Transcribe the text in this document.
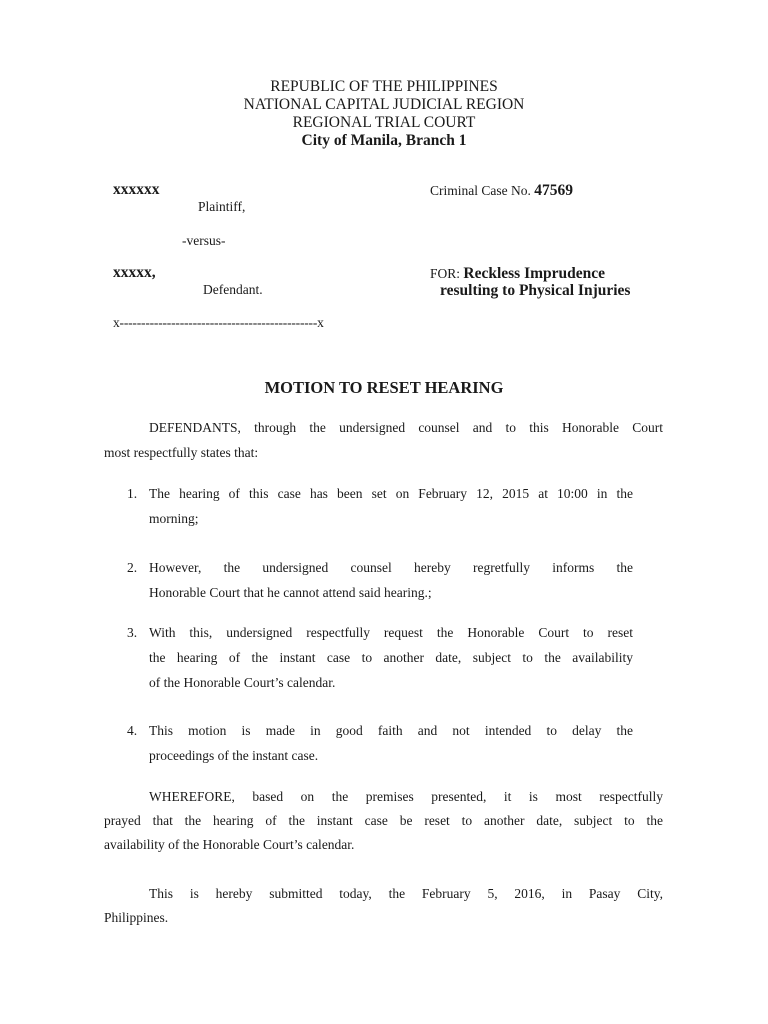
REPUBLIC OF THE PHILIPPINES
NATIONAL CAPITAL JUDICIAL REGION
REGIONAL TRIAL COURT
City of Manila, Branch 1
xxxxxx
Plaintiff,
-versus-
xxxxx,
Defendant.
Criminal Case No. 47569
FOR: Reckless Imprudence
resulting to Physical Injuries
x----------------------------------------------x
MOTION TO RESET HEARING
DEFENDANTS, through the undersigned counsel and to this Honorable Court
most respectfully states that:
1. The hearing of this case has been set on February 12, 2015 at 10:00 in the
morning;
2. However, the undersigned counsel hereby regretfully informs the
Honorable Court that he cannot attend said hearing.;
3. With this, undersigned respectfully request the Honorable Court to reset
the hearing of the instant case to another date, subject to the availability
of the Honorable Court’s calendar.
4. This motion is made in good faith and not intended to delay the
proceedings of the instant case.
WHEREFORE, based on the premises presented, it is most respectfully
prayed that the hearing of the instant case be reset to another date, subject to the
availability of the Honorable Court’s calendar.
This is hereby submitted today, the February 5, 2016, in Pasay City,
Philippines.
